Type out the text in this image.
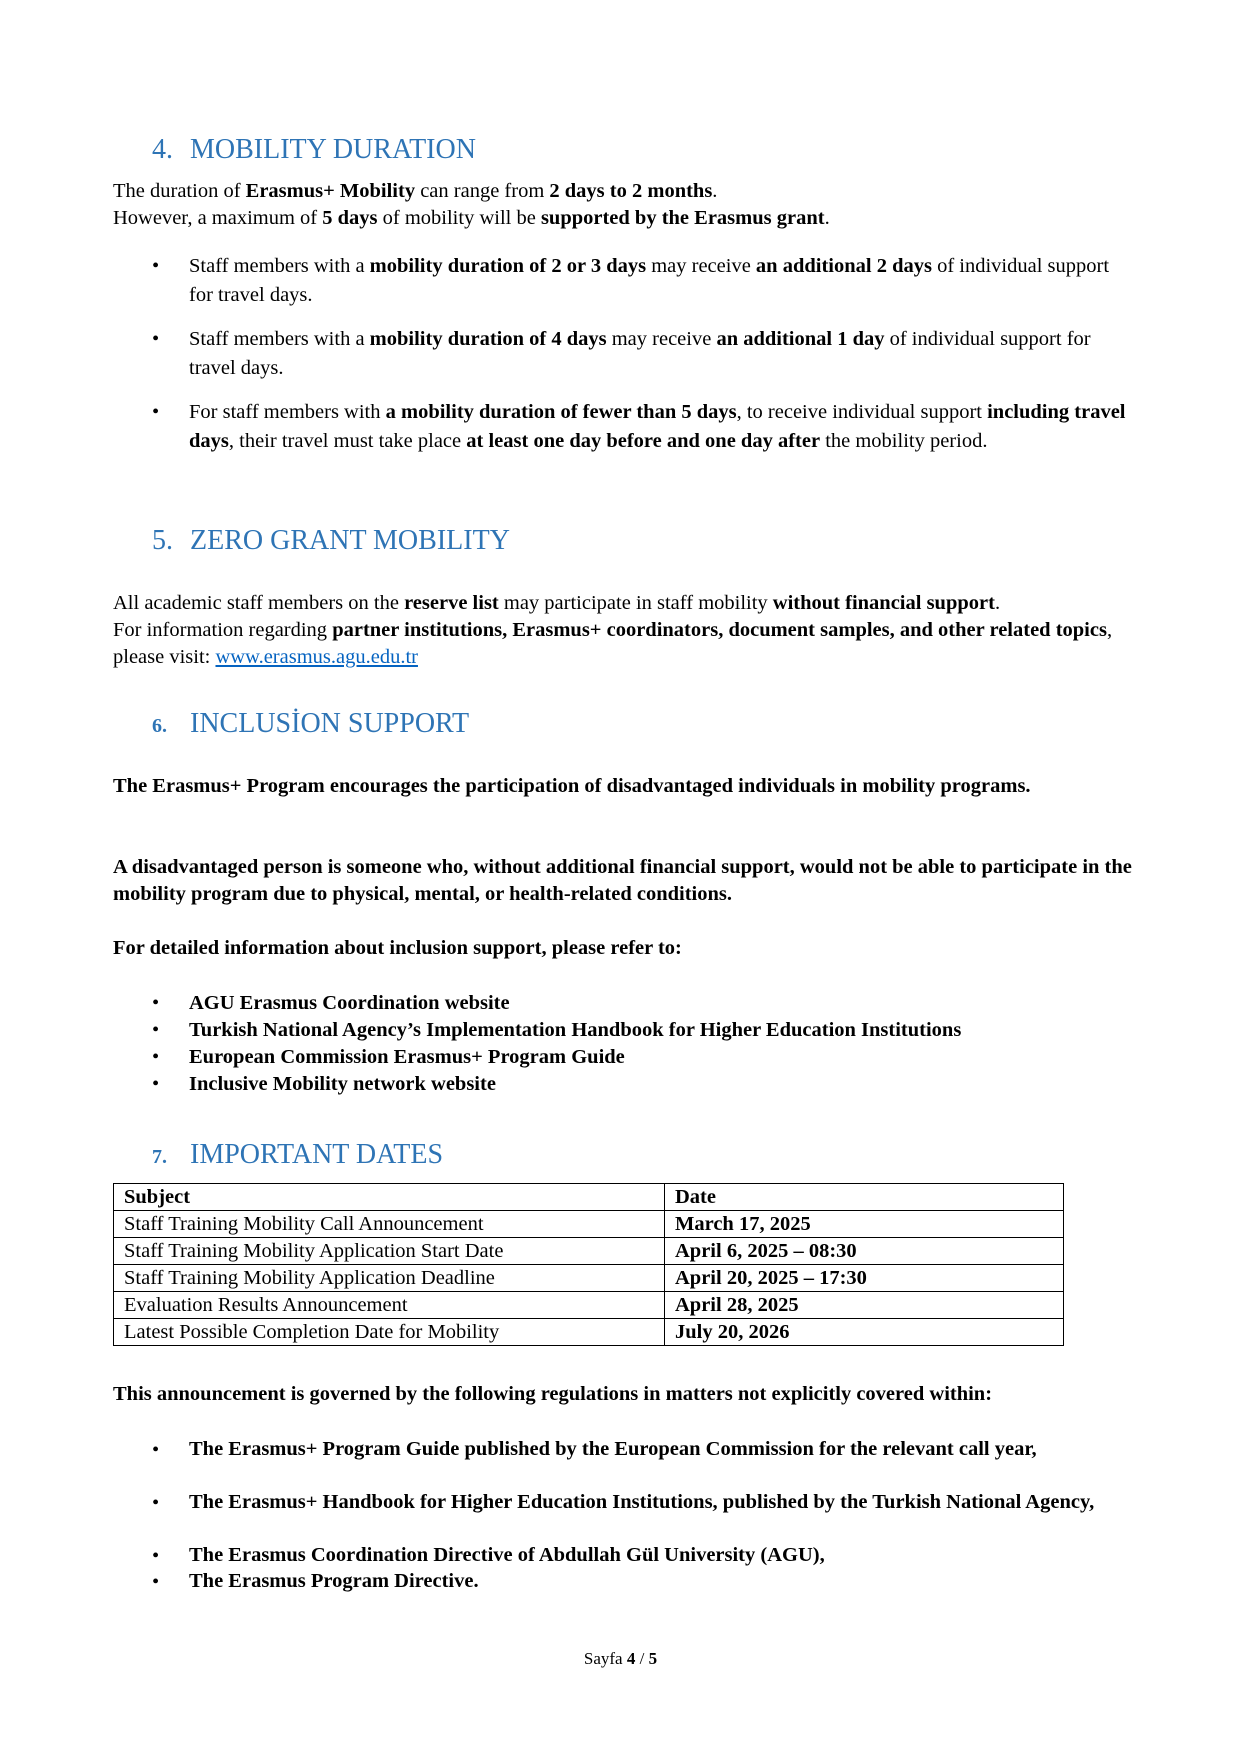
4. MOBILITY DURATION

The duration of Erasmus+ Mobility can range from 2 days to 2 months.
However, a maximum of 5 days of mobility will be supported by the Erasmus grant.

• Staff members with a mobility duration of 2 or 3 days may receive an additional 2 days of individual support for travel days.
• Staff members with a mobility duration of 4 days may receive an additional 1 day of individual support for travel days.
• For staff members with a mobility duration of fewer than 5 days, to receive individual support including travel days, their travel must take place at least one day before and one day after the mobility period.
5. ZERO GRANT MOBILITY

All academic staff members on the reserve list may participate in staff mobility without financial support.
For information regarding partner institutions, Erasmus+ coordinators, document samples, and other related topics, please visit: www.erasmus.agu.edu.tr

6. INCLUSİON SUPPORT

The Erasmus+ Program encourages the participation of disadvantaged individuals in mobility programs.

A disadvantaged person is someone who, without additional financial support, would not be able to participate in the mobility program due to physical, mental, or health-related conditions.

For detailed information about inclusion support, please refer to:

• AGU Erasmus Coordination website
• Turkish National Agency’s Implementation Handbook for Higher Education Institutions
• European Commission Erasmus+ Program Guide
• Inclusive Mobility network website
7. IMPORTANT DATES
Subject	Date
Staff Training Mobility Call Announcement	March 17, 2025
Staff Training Mobility Application Start Date	April 6, 2025 – 08:30
Staff Training Mobility Application Deadline	April 20, 2025 – 17:30
Evaluation Results Announcement	April 28, 2025
Latest Possible Completion Date for Mobility	July 20, 2026

This announcement is governed by the following regulations in matters not explicitly covered within:

• The Erasmus+ Program Guide published by the European Commission for the relevant call year,
• The Erasmus+ Handbook for Higher Education Institutions, published by the Turkish National Agency,
• The Erasmus Coordination Directive of Abdullah Gül University (AGU),
• The Erasmus Program Directive.
Sayfa 4 / 5
